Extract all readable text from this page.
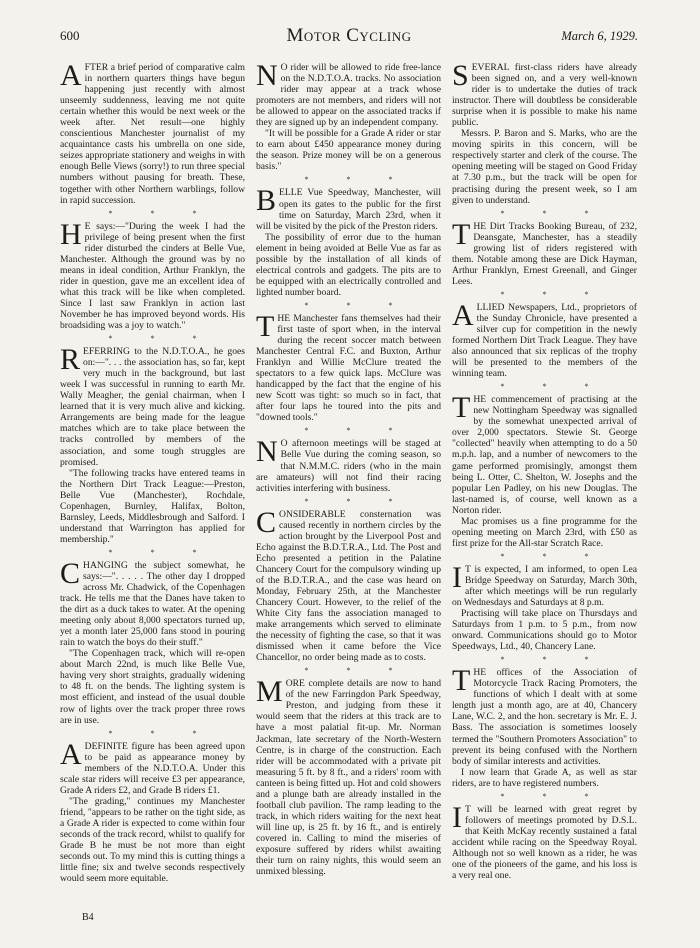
600	Motor Cycling	March 6, 1929.

AFTER a brief period of comparative calm in northern quarters things have begun happening just recently with almost unseemly suddenness, leaving me not quite certain whether this would be next week or the week after. Net result—one highly conscientious Manchester journalist of my acquaintance casts his umbrella on one side, seizes appropriate stationery and weighs in with enough Belle Views (sorry!) to run three special numbers without pausing for breath. These, together with other Northern warblings, follow in rapid succession.

* * *

H E says:—"During the week I had the privilege of being present when the first rider disturbed the cinders at Belle Vue, Manchester. Although the ground was by no means in ideal condition, Arthur Franklyn, the rider in question, gave me an excellent idea of what this track will be like when completed. Since I last saw Franklyn in action last November he has improved beyond words. His broadsiding was a joy to watch."

* * *

REFERRING to the N.D.T.O.A., he goes on:—". . . the association has, so far, kept very much in the background, but last week I was successful in running to earth Mr. Wally Meagher, the genial chairman, when I learned that it is very much alive and kicking. Arrangements are being made for the league matches which are to take place between the tracks controlled by members of the association, and some tough struggles are promised.

"The following tracks have entered teams in the Northern Dirt Track League:—Preston, Belle Vue (Manchester), Rochdale, Copenhagen, Burnley, Halifax, Bolton, Barnsley, Leeds, Middlesbrough and Salford. I understand that Warrington has applied for membership."

* * *

CHANGING the subject somewhat, he says:—". . . . . The other day I dropped across Mr. Chadwick, of the Copenhagen track. He tells me that the Danes have taken to the dirt as a duck takes to water. At the opening meeting only about 8,000 spectators turned up, yet a month later 25,000 fans stood in pouring rain to watch the boys do their stuff."

"The Copenhagen track, which will re-open about March 22nd, is much like Belle Vue, having very short straights, gradually widening to 48 ft. on the bends. The lighting system is most efficient, and instead of the usual double row of lights over the track proper three rows are in use.

* * *

ADEFINITE figure has been agreed upon to be paid as appearance money by members of the N.D.T.O.A. Under this scale star riders will receive £3 per appearance, Grade A riders £2, and Grade B riders £1.

"The grading," continues my Manchester friend, "appears to be rather on the tight side, as a Grade A rider is expected to come within four seconds of the track record, whilst to qualify for Grade B he must be not more than eight seconds out. To my mind this is cutting things a little fine; six and twelve seconds respectively would seem more equitable.

N O rider will be allowed to ride free-lance on the N.D.T.O.A. tracks. No association rider may appear at a track whose promoters are not members, and riders will not be allowed to appear on the associated tracks if they are signed up by an independent company.

"It will be possible for a Grade A rider or star to earn about £450 appearance money during the season. Prize money will be on a generous basis."

* * *

BELLE Vue Speedway, Manchester, will open its gates to the public for the first time on Saturday, March 23rd, when it will be visited by the pick of the Preston riders.

The possibility of error due to the human element in being avoided at Belle Vue as far as possible by the installation of all kinds of electrical controls and gadgets. The pits are to be equipped with an electrically controlled and lighted number board.

* * *

THE Manchester fans themselves had their first taste of sport when, in the interval during the recent soccer match between Manchester Central F.C. and Buxton, Arthur Franklyn and Willie McClure treated the spectators to a few quick laps. McClure was handicapped by the fact that the engine of his new Scott was tight: so much so in fact, that after four laps he toured into the pits and "downed tools."

* * *

N O afternoon meetings will be staged at Belle Vue during the coming season, so that N.M.M.C. riders (who in the main are amateurs) will not find their racing activities interfering with business.

* * *

CONSIDERABLE consternation was caused recently in northern circles by the action brought by the Liverpool Post and Echo against the B.D.T.R.A., Ltd. The Post and Echo presented a petition in the Palatine Chancery Court for the compulsory winding up of the B.D.T.R.A., and the case was heard on Monday, February 25th, at the Manchester Chancery Court. However, to the relief of the White City fans the association managed to make arrangements which served to eliminate the necessity of fighting the case, so that it was dismissed when it came before the Vice Chancellor, no order being made as to costs.

* * *

MORE complete details are now to hand of the new Farringdon Park Speedway, Preston, and judging from these it would seem that the riders at this track are to have a most palatial fit-up. Mr. Norman Jackman, late secretary of the North-Western Centre, is in charge of the construction. Each rider will be accommodated with a private pit measuring 5 ft. by 8 ft., and a riders' room with canteen is being fitted up. Hot and cold showers and a plunge bath are already installed in the football club pavilion. The ramp leading to the track, in which riders waiting for the next heat will line up, is 25 ft. by 16 ft., and is entirely covered in. Calling to mind the miseries of exposure suffered by riders whilst awaiting their turn on rainy nights, this would seem an unmixed blessing.

SEVERAL first-class riders have already been signed on, and a very well-known rider is to undertake the duties of track instructor. There will doubtless be considerable surprise when it is possible to make his name public.

Messrs. P. Baron and S. Marks, who are the moving spirits in this concern, will be respectively starter and clerk of the course. The opening meeting will be staged on Good Friday at 7.30 p.m., but the track will be open for practising during the present week, so I am given to understand.

* * *

THE Dirt Tracks Booking Bureau, of 232, Deansgate, Manchester, has a steadily growing list of riders registered with them. Notable among these are Dick Hayman, Arthur Franklyn, Ernest Greenall, and Ginger Lees.

* * *

ALLIED Newspapers, Ltd., proprietors of the Sunday Chronicle, have presented a silver cup for competition in the newly formed Northern Dirt Track League. They have also announced that six replicas of the trophy will be presented to the members of the winning team.

* * *

THE commencement of practising at the new Nottingham Speedway was signalled by the somewhat unexpected arrival of over 2,000 spectators. Stewie St. George "collected" heavily when attempting to do a 50 m.p.h. lap, and a number of newcomers to the game performed promisingly, amongst them being L. Otter, C. Shelton, W. Josephs and the popular Len Padley, on his new Douglas. The last-named is, of course, well known as a Norton rider.

Mac promises us a fine programme for the opening meeting on March 23rd, with £50 as first prize for the All-star Scratch Race.

* * *

I T is expected, I am informed, to open Lea Bridge Speedway on Saturday, March 30th, after which meetings will be run regularly on Wednesdays and Saturdays at 8 p.m.

Practising will take place on Thursdays and Saturdays from 1 p.m. to 5 p.m., from now onward. Communications should go to Motor Speedways, Ltd., 40, Chancery Lane.

* * *

THE offices of the Association of Motorcycle Track Racing Promoters, the functions of which I dealt with at some length just a month ago, are at 40, Chancery Lane, W.C. 2, and the hon. secretary is Mr. E. J. Bass. The association is sometimes loosely termed the "Southern Promoters Association" to prevent its being confused with the Northern body of similar interests and activities.

I now learn that Grade A, as well as star riders, are to have registered numbers.

* * *

I T will be learned with great regret by followers of meetings promoted by D.S.L. that Keith McKay recently sustained a fatal accident while racing on the Speedway Royal. Although not so well known as a rider, he was one of the pioneers of the game, and his loss is a very real one.

B4
